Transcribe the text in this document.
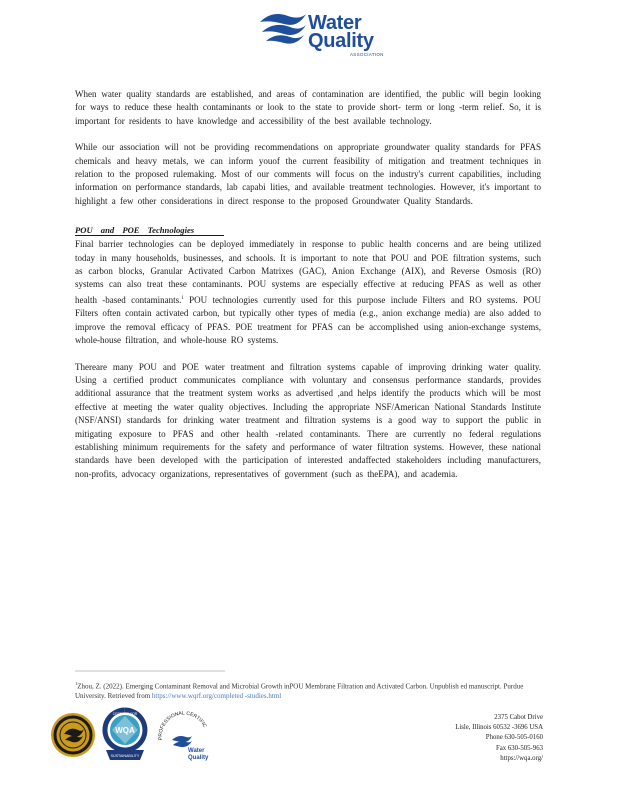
Water
Quality
ASSOCIATION

When water quality standards are established, and areas of contamination are identified, the public will begin looking for ways to reduce these health contaminants or look to the state to provide short- term or long -term relief. So, it is important for residents to have knowledge and accessibility of the best available technology.

While our association will not be providing recommendations on appropriate groundwater quality standards for PFAS chemicals and heavy metals, we can inform youof the current feasibility of mitigation and treatment techniques in relation to the proposed rulemaking. Most of our comments will focus on the industry's current capabilities, including information on performance standards, lab capabi lities, and available treatment technologies. However, it's important to highlight a few other considerations in direct response to the proposed Groundwater Quality Standards.

POU and POE Technologies

Final barrier technologies can be deployed immediately in response to public health concerns and are being utilized today in many households, businesses, and schools. It is important to note that POU and POE filtration systems, such as carbon blocks, Granular Activated Carbon Matrixes (GAC), Anion Exchange (AIX), and Reverse Osmosis (RO) systems can also treat these contaminants. POU systems are especially effective at reducing PFAS as well as other health -based contaminants.$^1$ POU technologies currently used for this purpose include Filters and RO systems. POU Filters often contain activated carbon, but typically other types of media (e.g., anion exchange media) are also added to improve the removal efficacy of PFAS. POE treatment for PFAS can be accomplished using anion-exchange systems, whole-house filtration, and whole-house RO systems.

Thereare many POU and POE water treatment and filtration systems capable of improving drinking water quality. Using a certified product communicates compliance with voluntary and consensus performance standards, provides additional assurance that the treatment system works as advertised ,and helps identify the products which will be most effective at meeting the water quality objectives. Including the appropriate NSF/American National Standards Institute (NSF/ANSI) standards for drinking water treatment and filtration systems is a good way to support the public in mitigating exposure to PFAS and other health -related contaminants. There are currently no federal regulations establishing minimum requirements for the safety and performance of water filtration systems. However, these national standards have been developed with the participation of interested andaffected stakeholders including manufacturers, non-profits, advocacy organizations, representatives of government (such as theEPA), and academia.

$^1$Zhou, Z. (2022). Emerging Contaminant Removal and Microbial Growth inPOU Membrane Filtration and Activated Carbon. Unpublish ed manuscript. Purdue University. Retrieved from https://www.wqrf.org/completed -studies.html
SUSTAINABILITY
CERTIFIED FOR
WQA
PROFESSIONAL CERTIFIC
Water
Quality
2375 Cabot Drive
Lisle, Illinois 60532 -3696 USA
Phone 630-505-0160
Fax 630-505-963
https://wqa.org/
